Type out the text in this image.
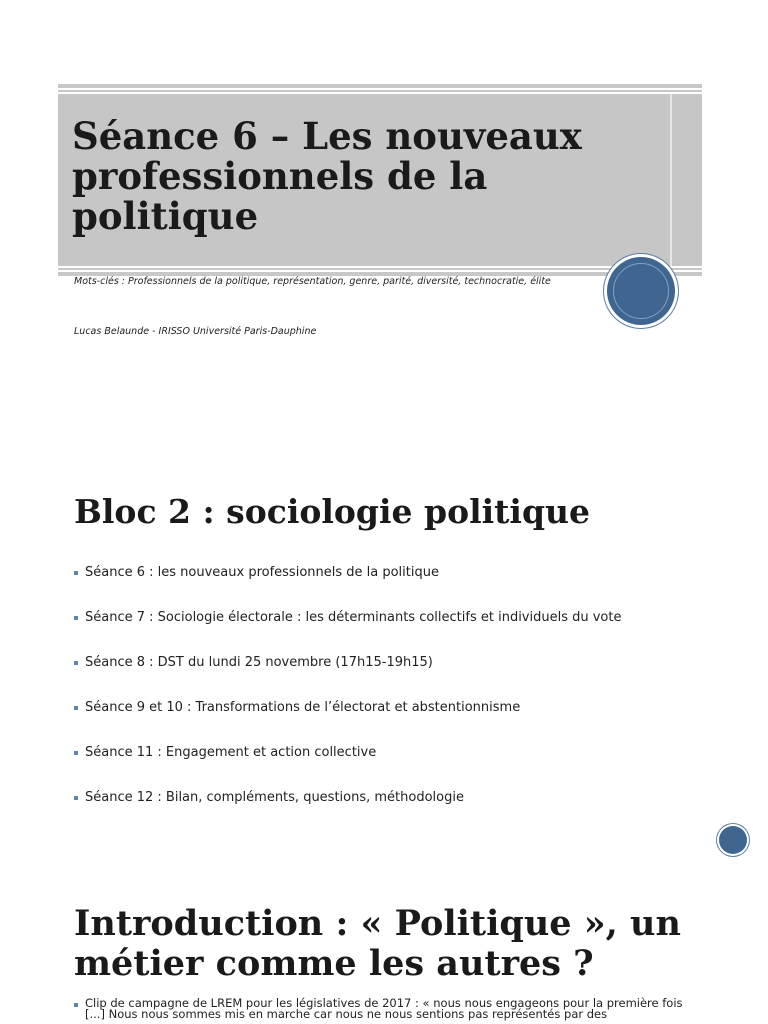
Séance 6 – Les nouveaux professionnels de la politique
Mots-clés : Professionnels de la politique, représentation, genre, parité, diversité, technocratie, élite
Lucas Belaunde - IRISSO Université Paris-Dauphine
Bloc 2 : sociologie politique
Séance 6 : les nouveaux professionnels de la politique
Séance 7 : Sociologie électorale : les déterminants collectifs et individuels du vote
Séance 8 : DST du lundi 25 novembre (17h15-19h15)
Séance 9 et 10 : Transformations de l’électorat et abstentionnisme
Séance 11 : Engagement et action collective
Séance 12 : Bilan, compléments, questions, méthodologie
Introduction : « Politique », un métier comme les autres ?
Clip de campagne de LREM pour les législatives de 2017 : « nous nous engageons pour la première fois [...] Nous nous sommes mis en marche car nous ne nous sentions pas représentés par des
